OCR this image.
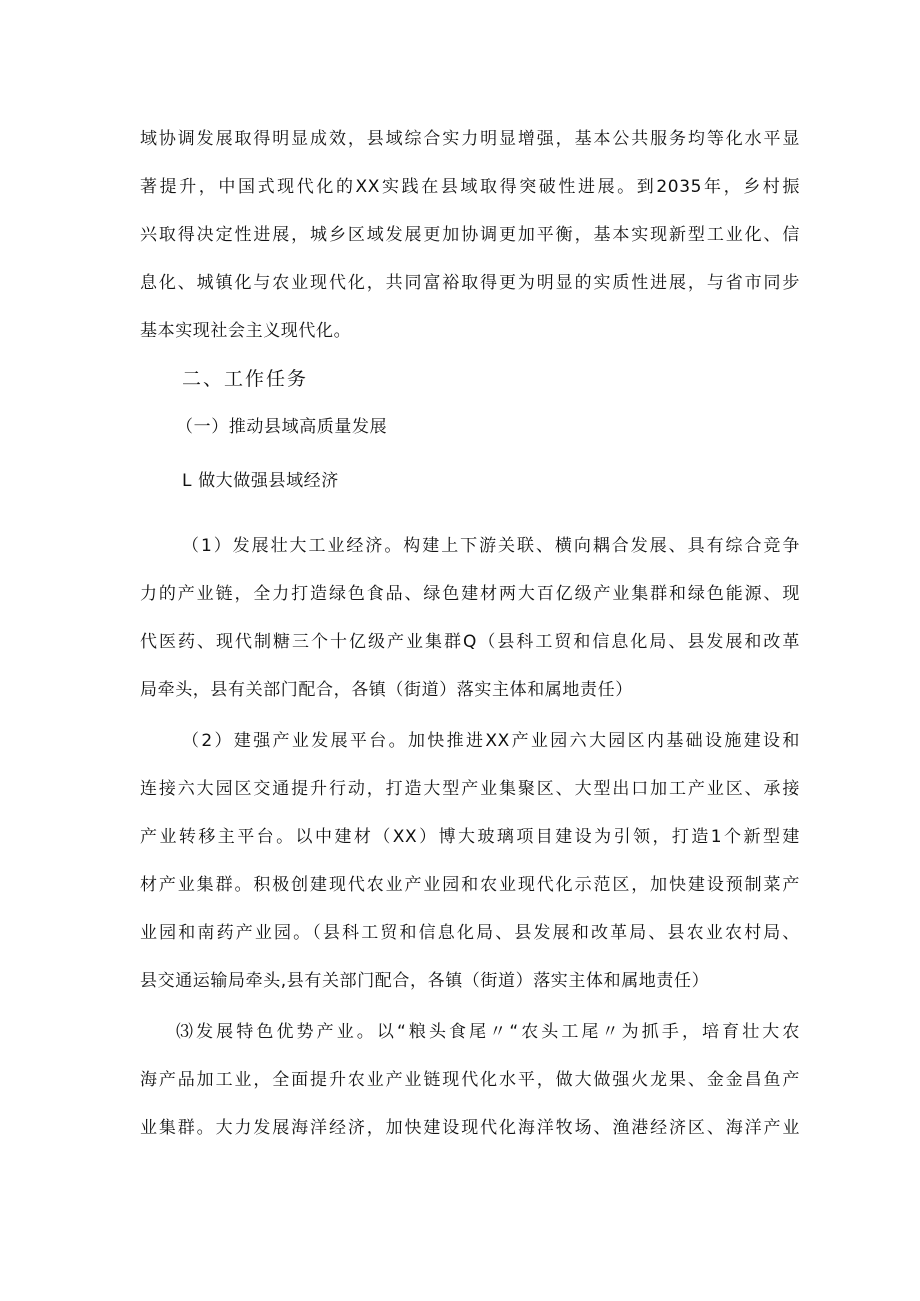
域协调发展取得明显成效，县域综合实力明显增强，基本公共服务均等化水平显
著提升，中国式现代化的XX实践在县域取得突破性进展。到2035年，乡村振
兴取得决定性进展，城乡区域发展更加协调更加平衡，基本实现新型工业化、信
息化、城镇化与农业现代化，共同富裕取得更为明显的实质性进展，与省市同步
基本实现社会主义现代化。
二、工作任务
（一）推动县域高质量发展
L 做大做强县域经济
（1）发展壮大工业经济。构建上下游关联、横向耦合发展、具有综合竞争
力的产业链，全力打造绿色食品、绿色建材两大百亿级产业集群和绿色能源、现
代医药、现代制糖三个十亿级产业集群Q（县科工贸和信息化局、县发展和改革
局牵头，县有关部门配合，各镇（街道）落实主体和属地责任）
（2）建强产业发展平台。加快推进XX产业园六大园区内基础设施建设和
连接六大园区交通提升行动，打造大型产业集聚区、大型出口加工产业区、承接
产业转移主平台。以中建材（XX）博大玻璃项目建设为引领，打造1个新型建
材产业集群。积极创建现代农业产业园和农业现代化示范区，加快建设预制菜产
业园和南药产业园。（县科工贸和信息化局、县发展和改革局、县农业农村局、
县交通运输局牵头,县有关部门配合，各镇（街道）落实主体和属地责任）
⑶发展特色优势产业。以“粮头食尾〃“农头工尾〃为抓手，培育壮大农
海产品加工业，全面提升农业产业链现代化水平，做大做强火龙果、金金昌鱼产
业集群。大力发展海洋经济，加快建设现代化海洋牧场、渔港经济区、海洋产业
